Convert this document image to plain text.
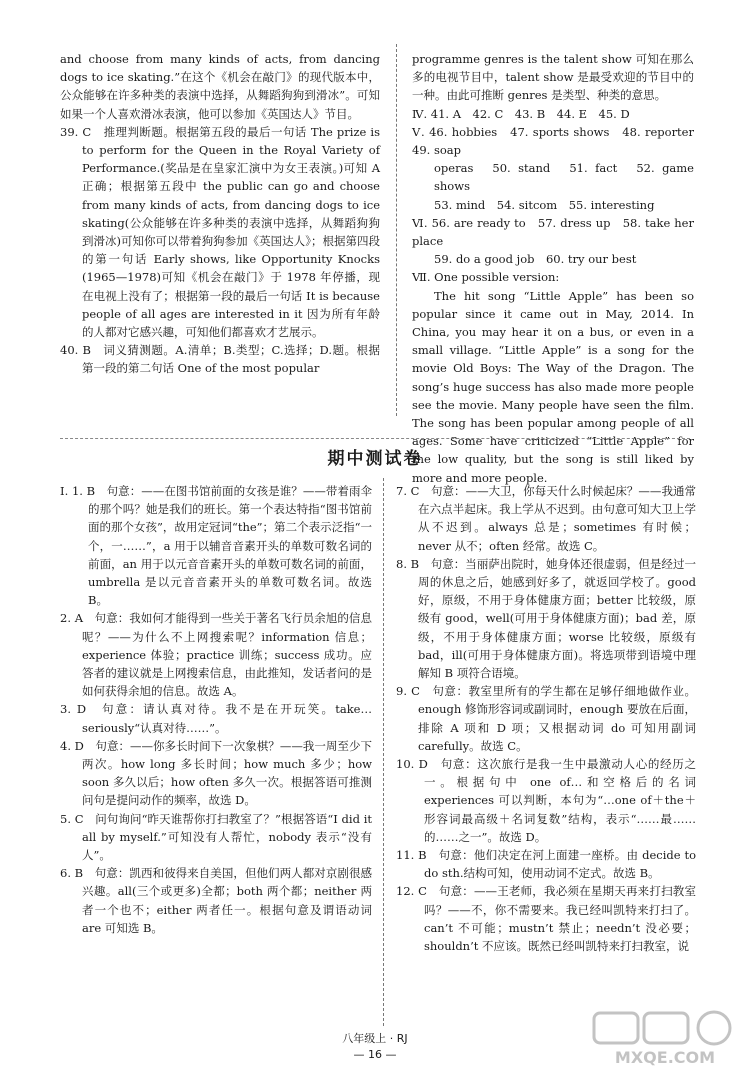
and choose from many kinds of acts, from dancing dogs to ice skating.”在这个《机会在敲门》的现代版本中，公众能够在许多种类的表演中选择，从舞蹈狗狗到滑冰”。可知如果一个人喜欢滑冰表演，他可以参加《英国达人》节目。

39. C　推理判断题。根据第五段的最后一句话 The prize is to perform for the Queen in the Royal Variety of Performance.(奖品是在皇家汇演中为女王表演。)可知 A 正确；根据第五段中 the public can go and choose from many kinds of acts, from dancing dogs to ice skating(公众能够在许多种类的表演中选择，从舞蹈狗狗到滑冰)可知你可以带着狗狗参加《英国达人》；根据第四段的第一句话 Early shows, like Opportunity Knocks (1965—1978)可知《机会在敲门》于 1978 年停播，现在电视上没有了；根据第一段的最后一句话 It is because people of all ages are interested in it 因为所有年龄的人都对它感兴趣，可知他们都喜欢才艺展示。

40. B　词义猜测题。A.清单；B.类型；C.选择；D.题。根据第一段的第二句话 One of the most popular

programme genres is the talent show 可知在那么多的电视节目中，talent show 是最受欢迎的节目中的一种。由此可推断 genres 是类型、种类的意思。

Ⅳ. 41. A　42. C　43. B　44. E　45. D

Ⅴ. 46. hobbies　47. sports shows　48. reporter　49. soap

operas　50. stand　51. fact　52. game shows

53. mind　54. sitcom　55. interesting

Ⅵ. 56. are ready to　57. dress up　58. take her place

59. do a good job　60. try our best

Ⅶ. One possible version:

The hit song “Little Apple” has been so popular since it came out in May, 2014. In China, you may hear it on a bus, or even in a small village. “Little Apple” is a song for the movie Old Boys: The Way of the Dragon. The song’s huge success has also made more people see the movie. Many people have seen the film. The song has been popular among people of all ages. Some have criticized “Little Apple” for the low quality, but the song is still liked by more and more people.

期中测试卷

Ⅰ. 1. B　句意：——在图书馆前面的女孩是谁？——带着雨伞的那个吗？她是我们的班长。第一个表达特指“图书馆前面的那个女孩”，故用定冠词“the”；第二个表示泛指“一个，一……”，a 用于以辅音音素开头的单数可数名词的前面，an 用于以元音音素开头的单数可数名词的前面，umbrella 是以元音音素开头的单数可数名词。故选 B。

2. A　句意：我如何才能得到一些关于著名飞行员余旭的信息呢？——为什么不上网搜索呢？information 信息；experience 体验；practice 训练；success 成功。应答者的建议就是上网搜索信息，由此推知，发话者问的是如何获得余旭的信息。故选 A。

3. D　句意：请认真对待。我不是在开玩笑。take…seriously“认真对待……”。

4. D　句意：——你多长时间下一次象棋？——我一周至少下两次。how long 多长时间；how much 多少；how soon 多久以后；how often 多久一次。根据答语可推测问句是提问动作的频率，故选 D。

5. C　问句询问“昨天谁帮你打扫教室了？”根据答语“I did it all by myself.”可知没有人帮忙，nobody 表示“没有人”。

6. B　句意：凯西和彼得来自美国，但他们两人都对京剧很感兴趣。all(三个或更多)全都；both 两个都；neither 两者一个也不；either 两者任一。根据句意及谓语动词 are 可知选 B。

7. C　句意：——大卫，你每天什么时候起床？——我通常在六点半起床。我上学从不迟到。由句意可知大卫上学从不迟到。always 总是；sometimes 有时候；never 从不；often 经常。故选 C。

8. B　句意：当丽萨出院时，她身体还很虚弱，但是经过一周的休息之后，她感到好多了，就返回学校了。good 好，原级，不用于身体健康方面；better 比较级，原级有 good，well(可用于身体健康方面)；bad 差，原级，不用于身体健康方面；worse 比较级，原级有 bad，ill(可用于身体健康方面)。将选项带到语境中理解知 B 项符合语境。

9. C　句意：教室里所有的学生都在足够仔细地做作业。enough 修饰形容词或副词时，enough 要放在后面，排除 A 项和 D 项；又根据动词 do 可知用副词 carefully。故选 C。

10. D　句意：这次旅行是我一生中最激动人心的经历之一。根据句中 one of…和空格后的名词 experiences 可以判断，本句为“…one of＋the＋形容词最高级＋名词复数”结构，表示“……最……的……之一”。故选 D。

11. B　句意：他们决定在河上面建一座桥。由 decide to do sth.结构可知，使用动词不定式。故选 B。

12. C　句意：——王老师，我必须在星期天再来打扫教室吗？——不，你不需要来。我已经叫凯特来打扫了。can’t 不可能；mustn’t 禁止；needn’t 没必要；shouldn’t 不应该。既然已经叫凯特来打扫教室，说

八年级上 · RJ
— 16 —	MXQE.COM
